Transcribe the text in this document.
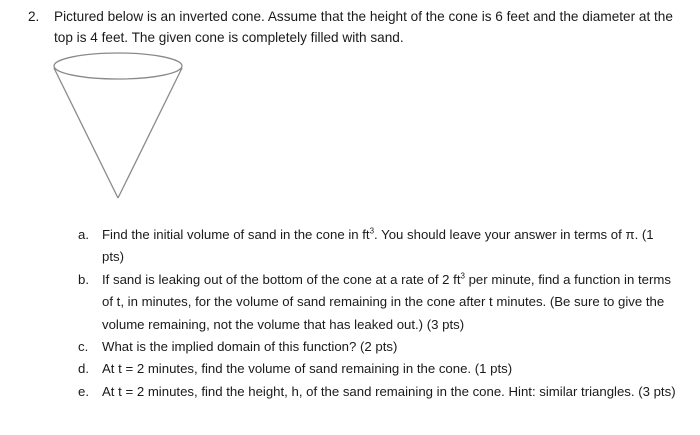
2. Pictured below is an inverted cone. Assume that the height of the cone is 6 feet and the diameter at the top is 4 feet. The given cone is completely filled with sand.
a. Find the initial volume of sand in the cone in $ft^3$. You should leave your answer in terms of π. (1 pts)
b. If sand is leaking out of the bottom of the cone at a rate of 2 $ft^3$ per minute, find a function in terms of t, in minutes, for the volume of sand remaining in the cone after t minutes. (Be sure to give the volume remaining, not the volume that has leaked out.) (3 pts)
c.	What is the implied domain of this function? (2 pts)
d. At t = 2 minutes, find the volume of sand remaining in the cone. (1 pts)
e. At t = 2 minutes, find the height, h, of the sand remaining in the cone. Hint: similar triangles. (3 pts)
